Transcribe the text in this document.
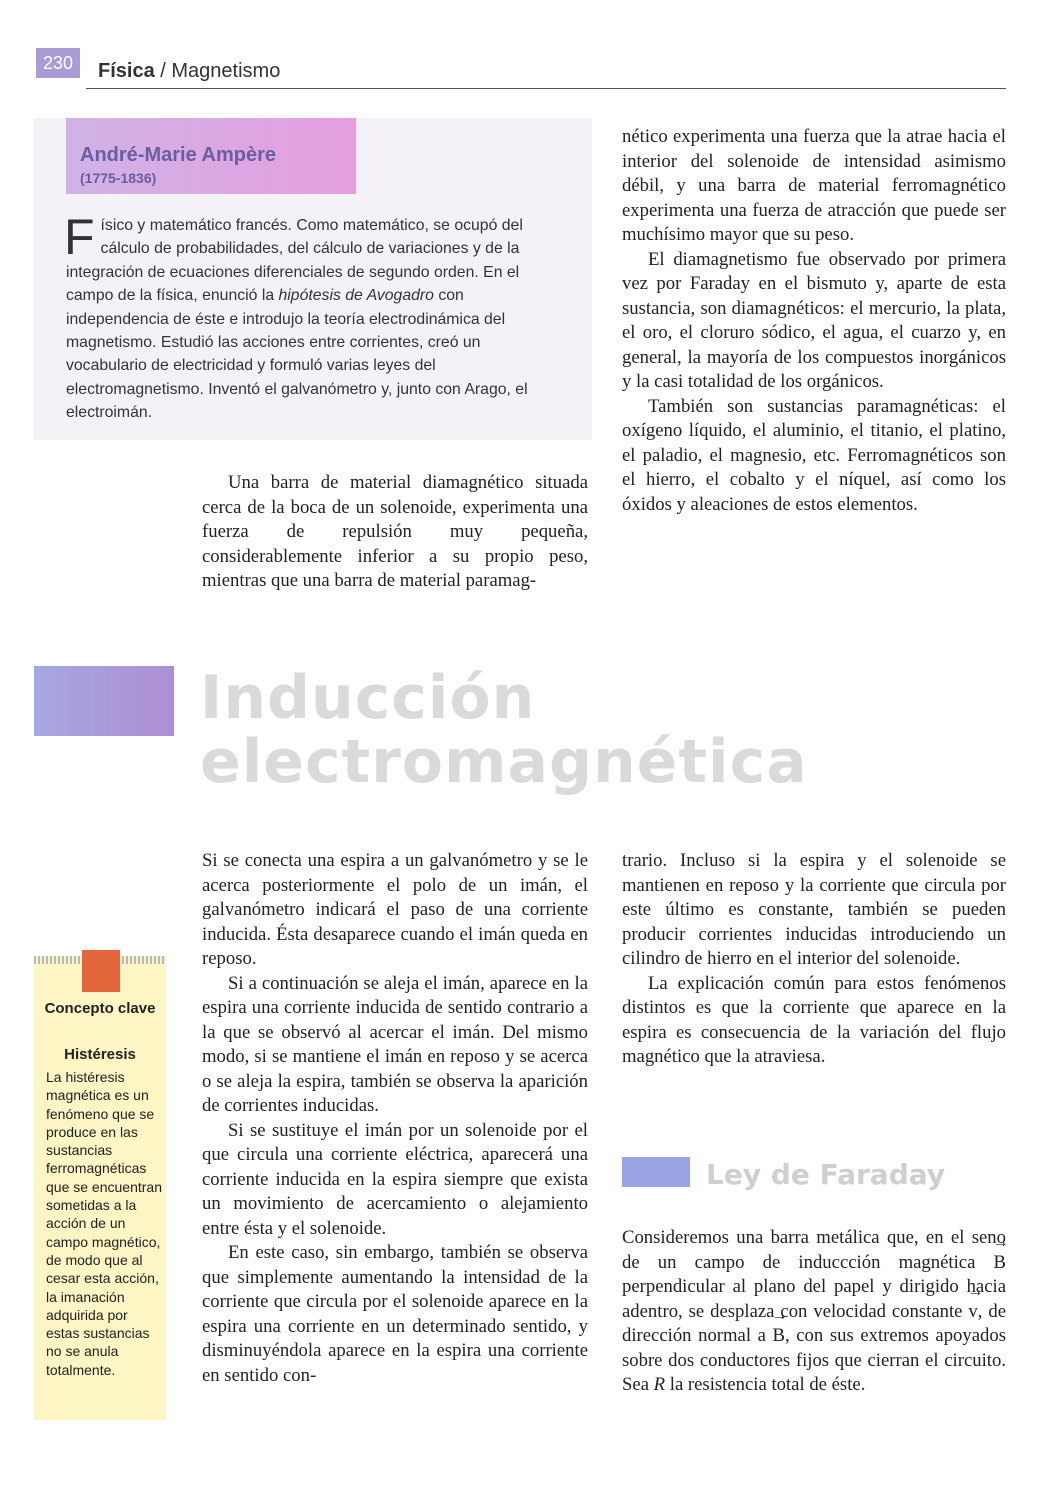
230	Física / Magnetismo
André-Marie Ampère
(1775-1836)
Físico y matemático francés. Como matemático, se ocupó del cálculo de probabilidades, del cálculo de variaciones y de la integración de ecuaciones diferenciales de segundo orden. En el campo de la física, enunció la hipótesis de Avogadro con independencia de éste e introdujo la teoría electrodinámica del magnetismo. Estudió las acciones entre corrientes, creó un vocabulario de electricidad y formuló varias leyes del electromagnetismo. Inventó el galvanómetro y, junto con Arago, el electroimán.

Una barra de material diamagnético situada cerca de la boca de un solenoide, experimenta una fuerza de repulsión muy pequeña, considerablemente inferior a su propio peso, mientras que una barra de material paramag-

nético experimenta una fuerza que la atrae hacia el interior del solenoide de intensidad asimismo débil, y una barra de material ferromagnético experimenta una fuerza de atracción que puede ser muchísimo mayor que su peso.

El diamagnetismo fue observado por primera vez por Faraday en el bismuto y, aparte de esta sustancia, son diamagnéticos: el mercurio, la plata, el oro, el cloruro sódico, el agua, el cuarzo y, en general, la mayoría de los compuestos inorgánicos y la casi totalidad de los orgánicos.

También son sustancias paramagnéticas: el oxígeno líquido, el aluminio, el titanio, el platino, el paladio, el magnesio, etc. Ferromagnéticos son el hierro, el cobalto y el níquel, así como los óxidos y aleaciones de estos elementos.

Inducción
electromagnética
Concepto clave
Histéresis
La histéresis magnética es un fenómeno que se produce en las sustancias ferromagnéticas que se encuentran sometidas a la acción de un campo magnético, de modo que al cesar esta acción, la imanación adquirida por estas sustancias no se anula totalmente.

Si se conecta una espira a un galvanómetro y se le acerca posteriormente el polo de un imán, el galvanómetro indicará el paso de una corriente inducida. Ésta desaparece cuando el imán queda en reposo.

Si a continuación se aleja el imán, aparece en la espira una corriente inducida de sentido contrario a la que se observó al acercar el imán. Del mismo modo, si se mantiene el imán en reposo y se acerca o se aleja la espira, también se observa la aparición de corrientes inducidas.

Si se sustituye el imán por un solenoide por el que circula una corriente eléctrica, aparecerá una corriente inducida en la espira siempre que exista un movimiento de acercamiento o alejamiento entre ésta y el solenoide.

En este caso, sin embargo, también se observa que simplemente aumentando la intensidad de la corriente que circula por el solenoide aparece en la espira una corriente en un determinado sentido, y disminuyéndola aparece en la espira una corriente en sentido con-

trario. Incluso si la espira y el solenoide se mantienen en reposo y la corriente que circula por este último es constante, también se pueden producir corrientes inducidas introduciendo un cilindro de hierro en el interior del solenoide.

La explicación común para estos fenómenos distintos es que la corriente que aparece en la espira es consecuencia de la variación del flujo magnético que la atraviesa.

Ley de Faraday

Consideremos una barra metálica que, en el seno de un campo de induccción magnética → B perpendicular al plano del papel y dirigido hacia adentro, se desplaza con velocidad constante → v, de dirección normal a → B, con sus extremos apoyados sobre dos conductores fijos que cierran el circuito. Sea R la resistencia total de éste.
